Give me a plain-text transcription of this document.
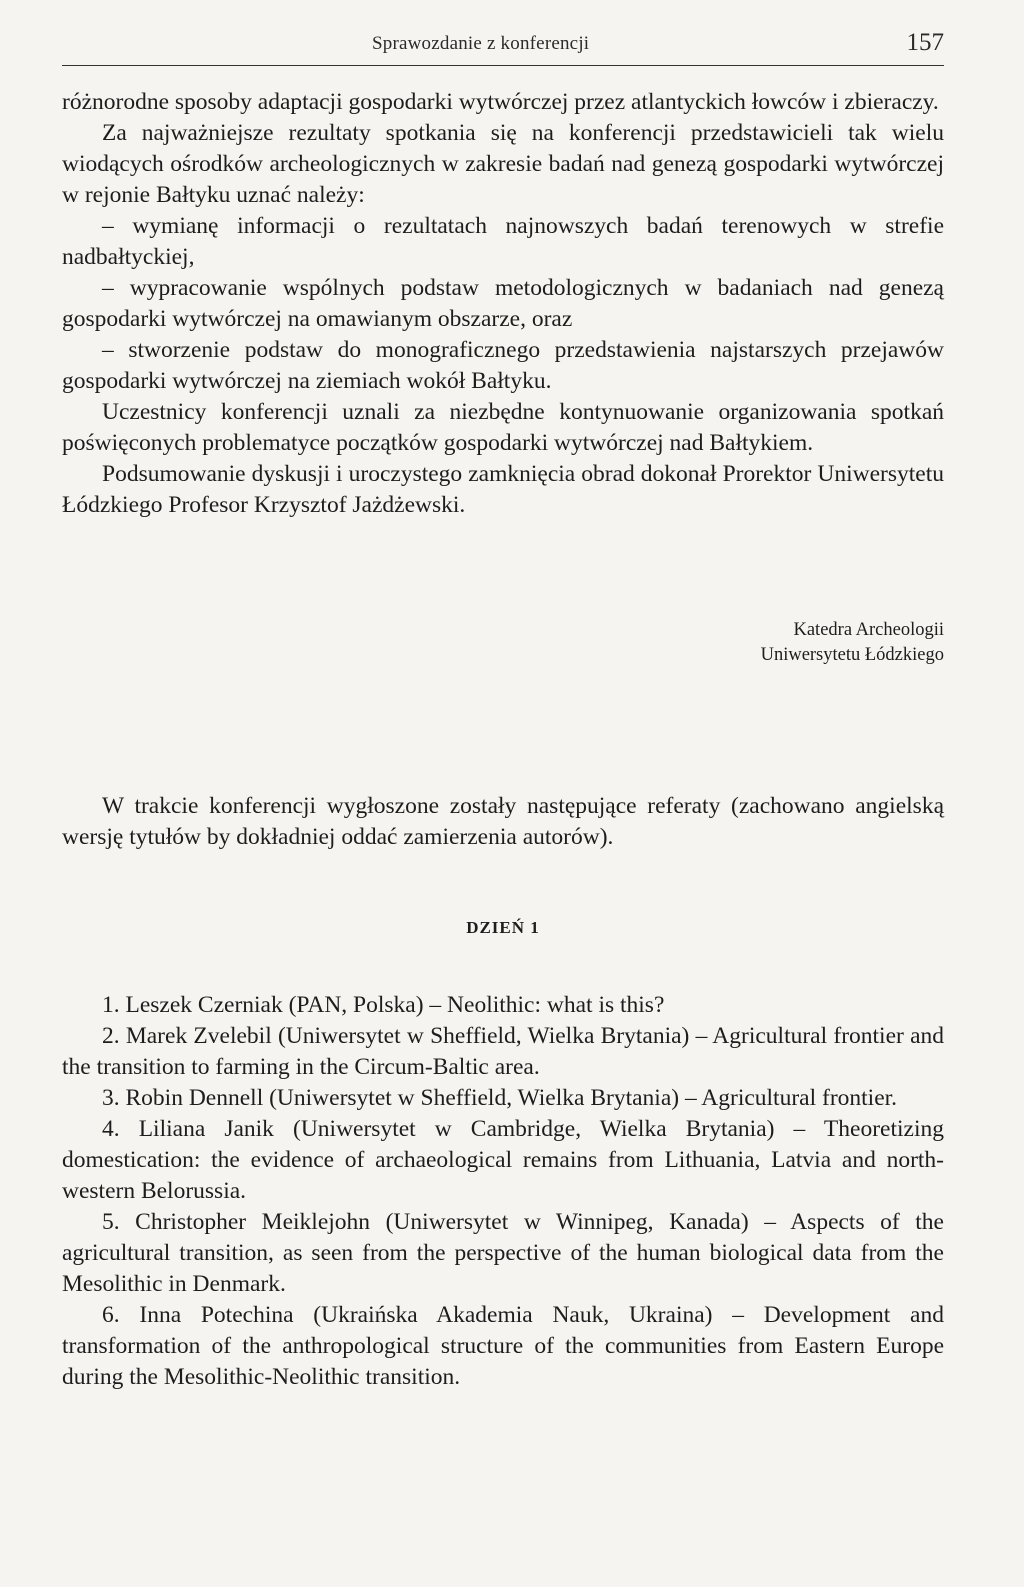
Sprawozdanie z konferencji	157

różnorodne sposoby adaptacji gospodarki wytwórczej przez atlantyckich łowców i zbieraczy.

Za najważniejsze rezultaty spotkania się na konferencji przedstawicieli tak wielu wiodących ośrodków archeologicznych w zakresie badań nad genezą gospodarki wytwórczej w rejonie Bałtyku uznać należy:

– wymianę informacji o rezultatach najnowszych badań terenowych w strefie nadbałtyckiej,

– wypracowanie wspólnych podstaw metodologicznych w badaniach nad genezą gospodarki wytwórczej na omawianym obszarze, oraz

– stworzenie podstaw do monograficznego przedstawienia najstarszych przejawów gospodarki wytwórczej na ziemiach wokół Bałtyku.

Uczestnicy konferencji uznali za niezbędne kontynuowanie organizowania spotkań poświęconych problematyce początków gospodarki wytwórczej nad Bałtykiem.

Podsumowanie dyskusji i uroczystego zamknięcia obrad dokonał Prorektor Uniwersytetu Łódzkiego Profesor Krzysztof Jażdżewski.

Katedra Archeologii
Uniwersytetu Łódzkiego

W trakcie konferencji wygłoszone zostały następujące referaty (zachowano angielską wersję tytułów by dokładniej oddać zamierzenia autorów).

DZIEŃ 1

1. Leszek Czerniak (PAN, Polska) – Neolithic: what is this?

2. Marek Zvelebil (Uniwersytet w Sheffield, Wielka Brytania) – Agricultural frontier and the transition to farming in the Circum-Baltic area.

3. Robin Dennell (Uniwersytet w Sheffield, Wielka Brytania) – Agricultural frontier.

4. Liliana Janik (Uniwersytet w Cambridge, Wielka Brytania) – Theoretizing domestication: the evidence of archaeological remains from Lithuania, Latvia and north-western Belorussia.

5. Christopher Meiklejohn (Uniwersytet w Winnipeg, Kanada) – Aspects of the agricultural transition, as seen from the perspective of the human biological data from the Mesolithic in Denmark.

6. Inna Potechina (Ukraińska Akademia Nauk, Ukraina) – Development and transformation of the anthropological structure of the communities from Eastern Europe during the Mesolithic-Neolithic transition.
